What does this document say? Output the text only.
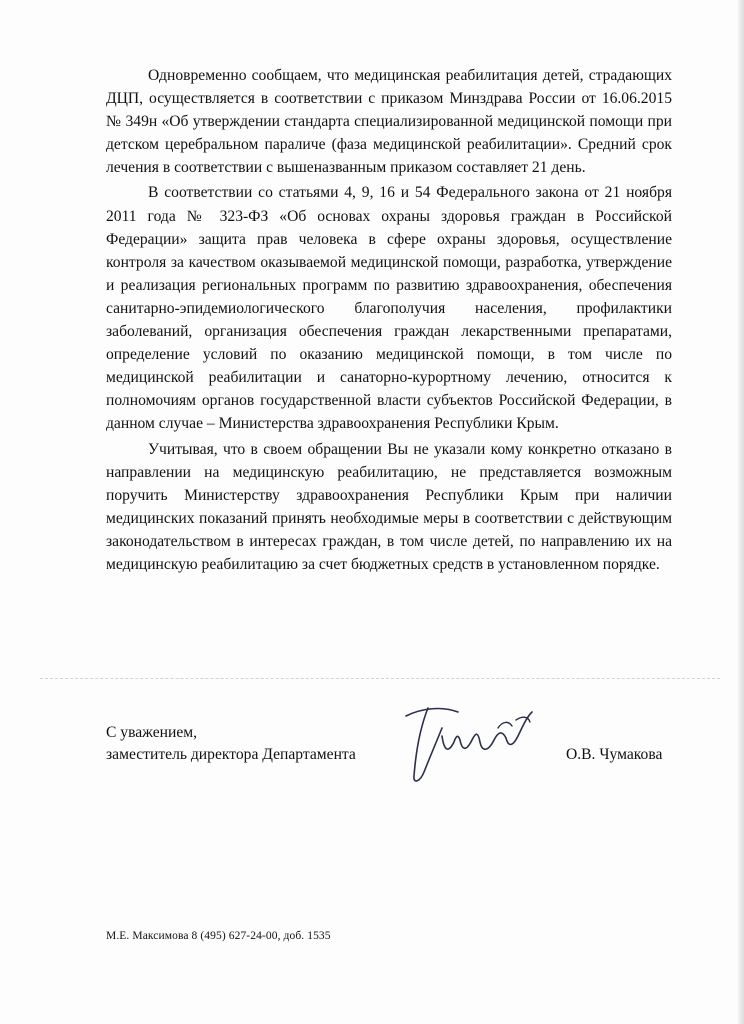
Одновременно сообщаем, что медицинская реабилитация детей, страдающих ДЦП, осуществляется в соответствии с приказом Минздрава России от 16.06.2015 № 349н «Об утверждении стандарта специализированной медицинской помощи при детском церебральном параличе (фаза медицинской реабилитации». Средний срок лечения в соответствии с вышеназванным приказом составляет 21 день.

В соответствии со статьями 4, 9, 16 и 54 Федерального закона от 21 ноября 2011 года № 323-ФЗ «Об основах охраны здоровья граждан в Российской Федерации» защита прав человека в сфере охраны здоровья, осуществление контроля за качеством оказываемой медицинской помощи, разработка, утверждение и реализация региональных программ по развитию здравоохранения, обеспечения санитарно-эпидемиологического благополучия населения, профилактики заболеваний, организация обеспечения граждан лекарственными препаратами, определение условий по оказанию медицинской помощи, в том числе по медицинской реабилитации и санаторно-курортному лечению, относится к полномочиям органов государственной власти субъектов Российской Федерации, в данном случае – Министерства здравоохранения Республики Крым.

Учитывая, что в своем обращении Вы не указали кому конкретно отказано в направлении на медицинскую реабилитацию, не представляется возможным поручить Министерству здравоохранения Республики Крым при наличии медицинских показаний принять необходимые меры в соответствии с действующим законодательством в интересах граждан, в том числе детей, по направлению их на медицинскую реабилитацию за счет бюджетных средств в установленном порядке.

С уважением,
заместитель директора Департамента	О.В. Чумакова
М.Е. Максимова 8 (495) 627-24-00, доб. 1535
